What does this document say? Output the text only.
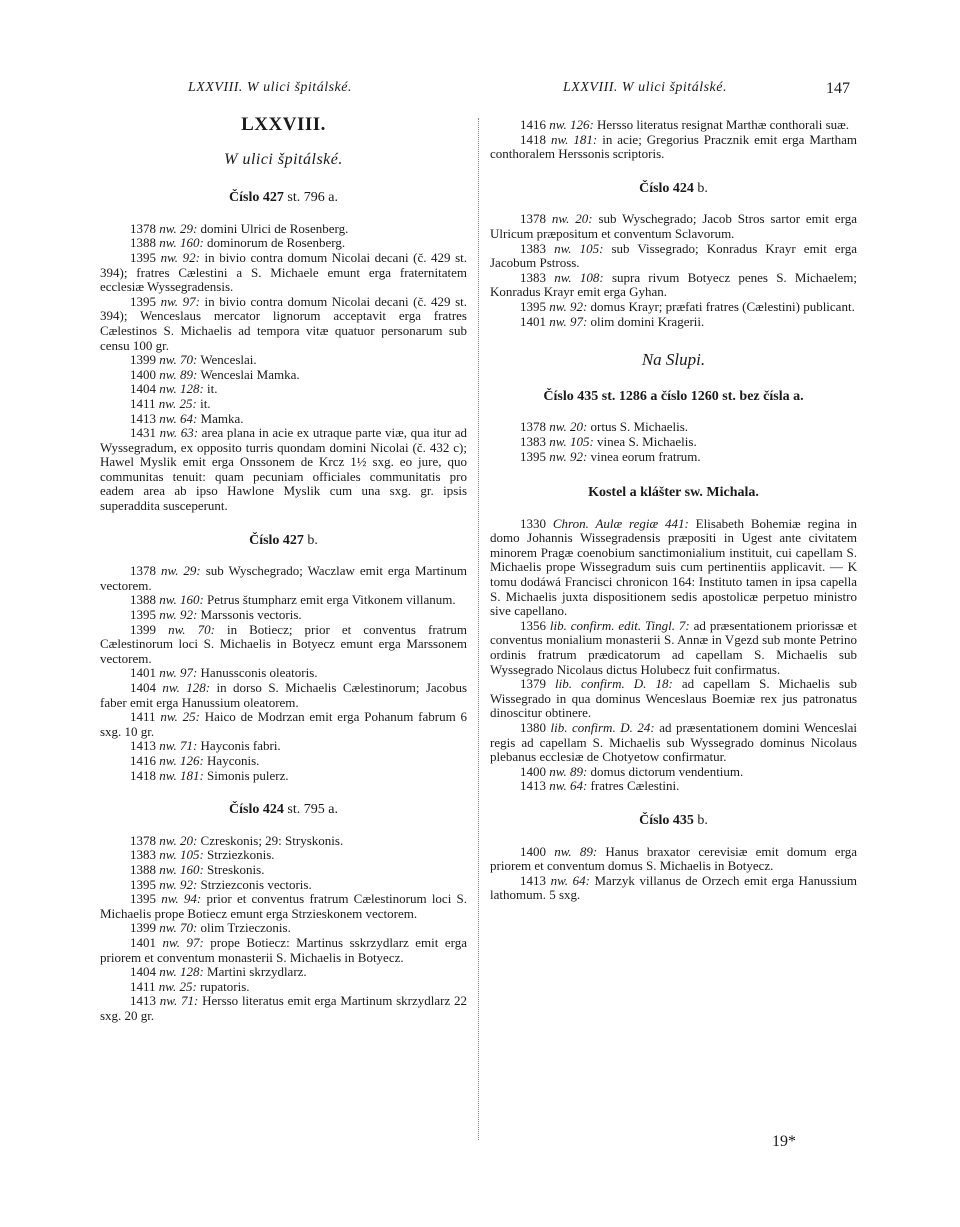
LXXVIII. W ulici špitálské.	LXXVIII. W ulici špitálské.	147
LXXVIII.
W ulici špitálské.
Číslo 427 st. 796 a.

1378 nw. 29: domini Ulrici de Rosenberg.

1388 nw. 160: dominorum de Rosenberg.

1395 nw. 92: in bivio contra domum Nicolai decani (č. 429 st. 394); fratres Cælestini a S. Michaele emunt erga fraternitatem ecclesiæ Wyssegradensis.

1395 nw. 97: in bivio contra domum Nicolai decani (č. 429 st. 394); Wenceslaus mercator lignorum acceptavit erga fratres Cælestinos S. Michaelis ad tempora vitæ quatuor personarum sub censu 100 gr.

1399 nw. 70: Wenceslai.

1400 nw. 89: Wenceslai Mamka.

1404 nw. 128: it.

1411 nw. 25: it.

1413 nw. 64: Mamka.

1431 nw. 63: area plana in acie ex utraque parte viæ, qua itur ad Wyssegradum, ex opposito turris quondam domini Nicolai (č. 432 c); Hawel Myslik emit erga Onssonem de Krcz 1½ sxg. eo jure, quo communitas tenuit: quam pecuniam officiales communitatis pro eadem area ab ipso Hawlone Myslik cum una sxg. gr. ipsis superaddita susceperunt.

Číslo 427 b.

1378 nw. 29: sub Wyschegrado; Waczlaw emit erga Martinum vectorem.

1388 nw. 160: Petrus štumpharz emit erga Vitkonem villanum.

1395 nw. 92: Marssonis vectoris.

1399 nw. 70: in Botiecz; prior et conventus fratrum Cælestinorum loci S. Michaelis in Botyecz emunt erga Marssonem vectorem.

1401 nw. 97: Hanussconis oleatoris.

1404 nw. 128: in dorso S. Michaelis Cælestinorum; Jacobus faber emit erga Hanussium oleatorem.

1411 nw. 25: Haico de Modrzan emit erga Pohanum fabrum 6 sxg. 10 gr.

1413 nw. 71: Hayconis fabri.

1416 nw. 126: Hayconis.

1418 nw. 181: Simonis pulerz.

Číslo 424 st. 795 a.

1378 nw. 20: Czreskonis; 29: Stryskonis.

1383 nw. 105: Strziezkonis.

1388 nw. 160: Streskonis.

1395 nw. 92: Strziezconis vectoris.

1395 nw. 94: prior et conventus fratrum Cælestinorum loci S. Michaelis prope Botiecz emunt erga Strzieskonem vectorem.

1399 nw. 70: olim Trzieczonis.

1401 nw. 97: prope Botiecz: Martinus sskrzydlarz emit erga priorem et conventum monasterii S. Michaelis in Botyecz.

1404 nw. 128: Martini skrzydlarz.

1411 nw. 25: rupatoris.

1413 nw. 71: Hersso literatus emit erga Martinum skrzydlarz 22 sxg. 20 gr.

1416 nw. 126: Hersso literatus resignat Marthæ conthorali suæ.

1418 nw. 181: in acie; Gregorius Pracznik emit erga Martham conthoralem Herssonis scriptoris.

Číslo 424 b.

1378 nw. 20: sub Wyschegrado; Jacob Stros sartor emit erga Ulricum præpositum et conventum Sclavorum.

1383 nw. 105: sub Vissegrado; Konradus Krayr emit erga Jacobum Pstross.

1383 nw. 108: supra rivum Botyecz penes S. Michaelem; Konradus Krayr emit erga Gyhan.

1395 nw. 92: domus Krayr; præfati fratres (Cælestini) publicant.

1401 nw. 97: olim domini Kragerii.

Na Slupi.
Číslo 435 st. 1286 a číslo 1260 st. bez čísla a.

1378 nw. 20: ortus S. Michaelis.

1383 nw. 105: vinea S. Michaelis.

1395 nw. 92: vinea eorum fratrum.

Kostel a klášter sw. Michala.

1330 Chron. Aulæ regiæ 441: Elisabeth Bohemiæ regina in domo Johannis Wissegradensis præpositi in Ugest ante civitatem minorem Pragæ coenobium sanctimonialium instituit, cui capellam S. Michaelis prope Wissegradum suis cum pertinentiis applicavit. — K tomu dodáwá Francisci chronicon 164: Instituto tamen in ipsa capella S. Michaelis juxta dispositionem sedis apostolicæ perpetuo ministro sive capellano.

1356 lib. confirm. edit. Tingl. 7: ad præsentationem priorissæ et conventus monialium monasterii S. Annæ in Vgezd sub monte Petrino ordinis fratrum prædicatorum ad capellam S. Michaelis sub Wyssegrado Nicolaus dictus Holubecz fuit confirmatus.

1379 lib. confirm. D. 18: ad capellam S. Michaelis sub Wissegrado in qua dominus Wenceslaus Boemiæ rex jus patronatus dinoscitur obtinere.

1380 lib. confirm. D. 24: ad præsentationem domini Wenceslai regis ad capellam S. Michaelis sub Wyssegrado dominus Nicolaus plebanus ecclesiæ de Chotyetow confirmatur.

1400 nw. 89: domus dictorum vendentium.

1413 nw. 64: fratres Cælestini.

Číslo 435 b.

1400 nw. 89: Hanus braxator cerevisiæ emit domum erga priorem et conventum domus S. Michaelis in Botyecz.

1413 nw. 64: Marzyk villanus de Orzech emit erga Hanussium lathomum. 5 sxg.

19*
